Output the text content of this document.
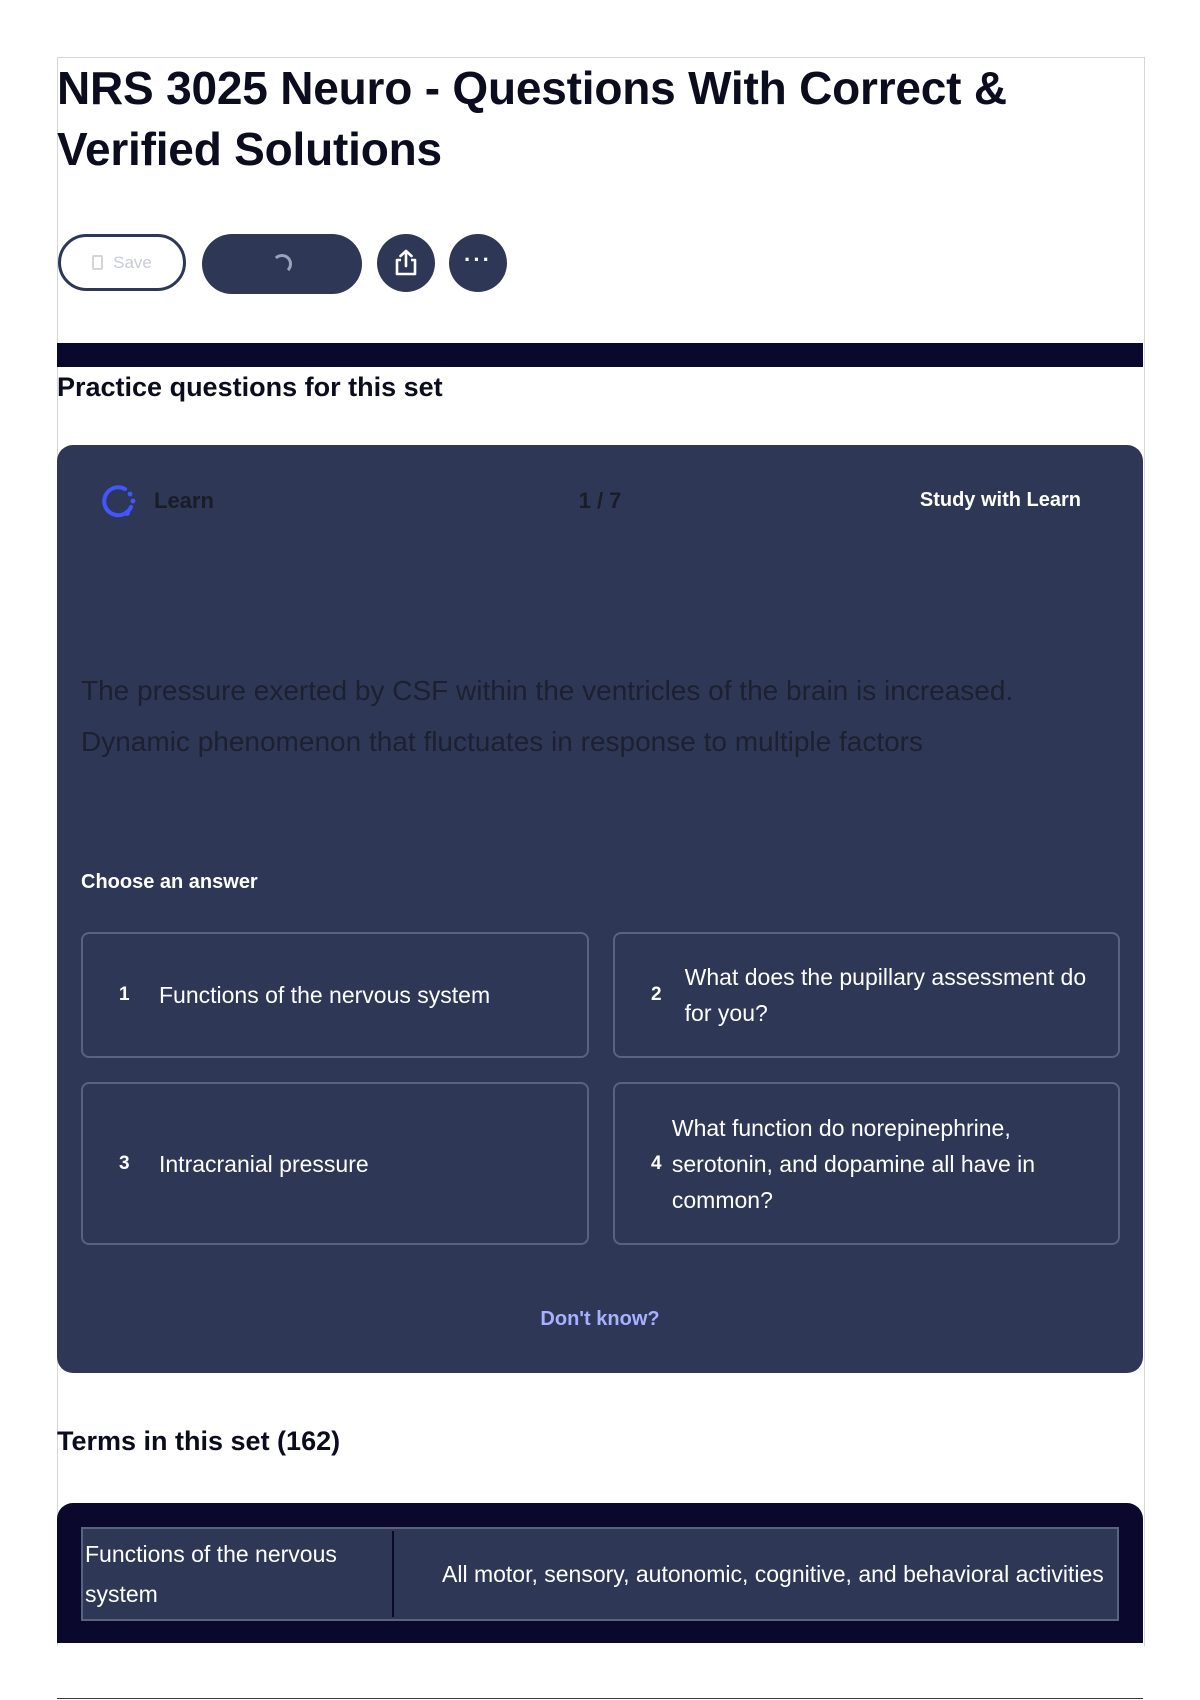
NRS 3025 Neuro - Questions With Correct & Verified Solutions
Save	···
Practice questions for this set
Learn	1 / 7	Study with Learn

The pressure exerted by CSF within the ventricles of the brain is increased. Dynamic phenomenon that fluctuates in response to multiple factors

Choose an answer
1	Functions of the nervous system	2
What does the pupillary assessment do for you?
3	Intracranial pressure	4
What function do norepinephrine, serotonin, and dopamine all have in common?
Don't know?
Terms in this set (162)
Functions of the nervous system
All motor, sensory, autonomic, cognitive, and behavioral activities
